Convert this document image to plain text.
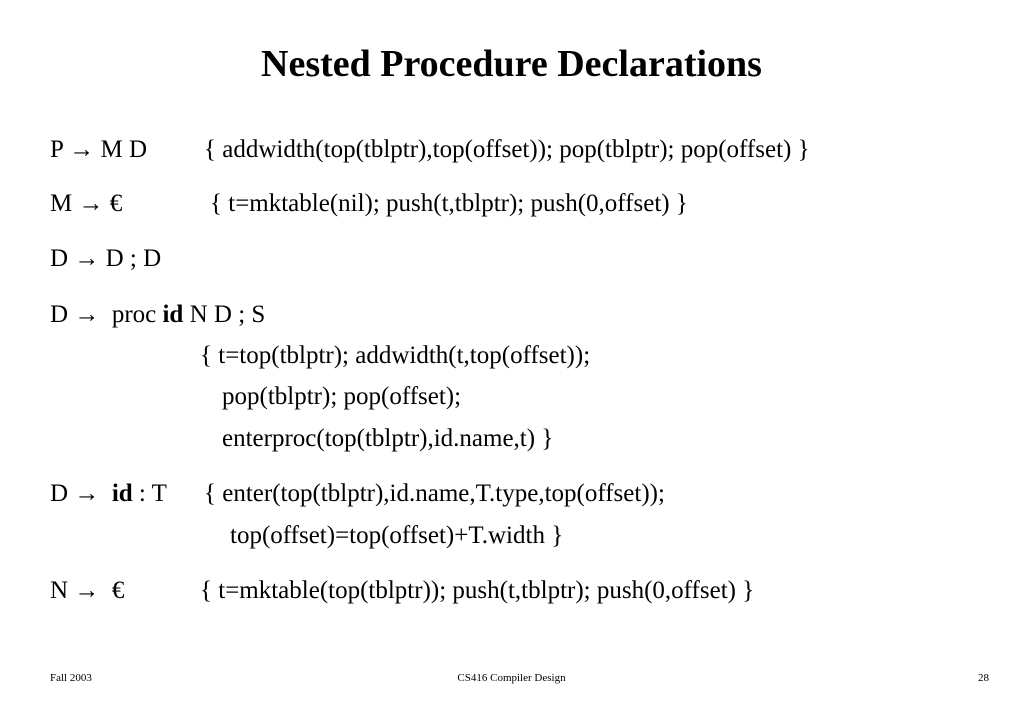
Nested Procedure Declarations
P → M D { addwidth(top(tblptr),top(offset)); pop(tblptr); pop(offset) }
M → €	{ t=mktable(nil); push(t,tblptr); push(0,offset) }
D → D ; D
D → proc id N D ; S
{ t=top(tblptr); addwidth(t,top(offset));
pop(tblptr); pop(offset);
enterproc(top(tblptr),id.name,t) }
D → id : T { enter(top(tblptr),id.name,T.type,top(offset));
top(offset)=top(offset)+T.width }
N → €	{ t=mktable(top(tblptr)); push(t,tblptr); push(0,offset) }
Fall 2003	CS416 Compiler Design	28
